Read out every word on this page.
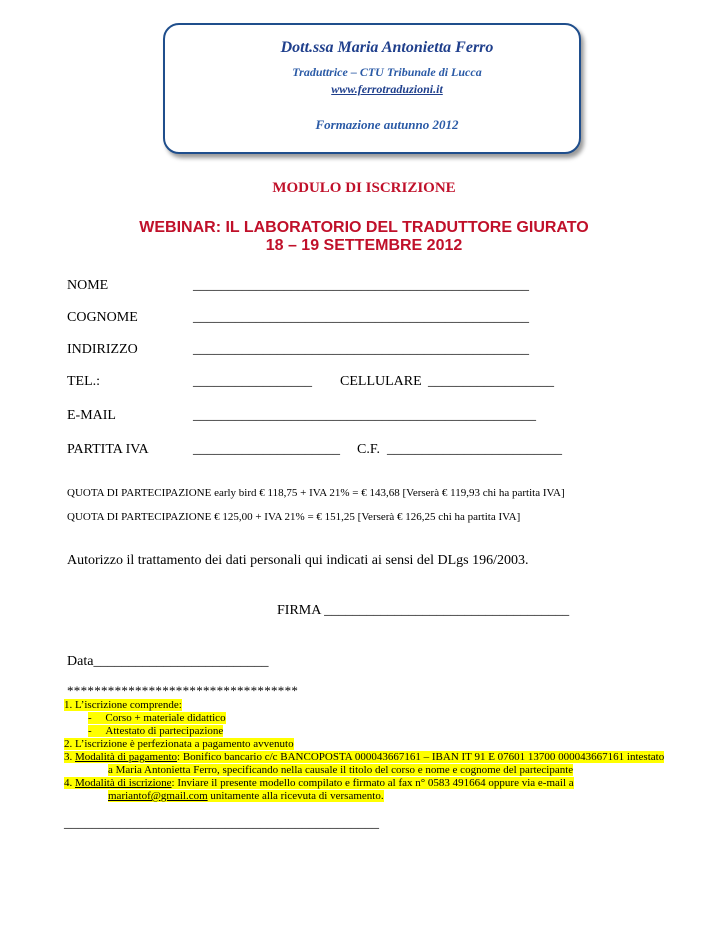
Dott.ssa Maria Antonietta Ferro
Traduttrice – CTU Tribunale di Lucca
www.ferrotraduzioni.it
Formazione autunno 2012
MODULO DI ISCRIZIONE
WEBINAR: IL LABORATORIO DEL TRADUTTORE GIURATO
18 – 19 SETTEMBRE 2012
NOME	________________________________________________
COGNOME	________________________________________________
INDIRIZZO	________________________________________________
TEL.:	_________________ CELLULARE __________________
E-MAIL	_________________________________________________
PARTITA IVA	_____________________ C.F. _________________________
QUOTA DI PARTECIPAZIONE early bird € 118,75 + IVA 21% = € 143,68 [Verserà € 119,93 chi ha partita IVA]
QUOTA DI PARTECIPAZIONE € 125,00 + IVA 21% = € 151,25 [Verserà € 126,25 chi ha partita IVA]
Autorizzo il trattamento dei dati personali qui indicati ai sensi del DLgs 196/2003.
FIRMA ___________________________________
Data_________________________
**********************************
1. L’iscrizione comprende:
- Corso + materiale didattico
- Attestato di partecipazione
2. L’iscrizione è perfezionata a pagamento avvenuto
3. Modalità di pagamento: Bonifico bancario c/c BANCOPOSTA 000043667161 – IBAN IT 91 E 07601 13700 000043667161 intestato
a Maria Antonietta Ferro, specificando nella causale il titolo del corso e nome e cognome del partecipante
4. Modalità di iscrizione: Inviare il presente modello compilato e firmato al fax n° 0583 491664 oppure via e-mail a
mariantof@gmail.com unitamente alla ricevuta di versamento.
_____________________________________________
